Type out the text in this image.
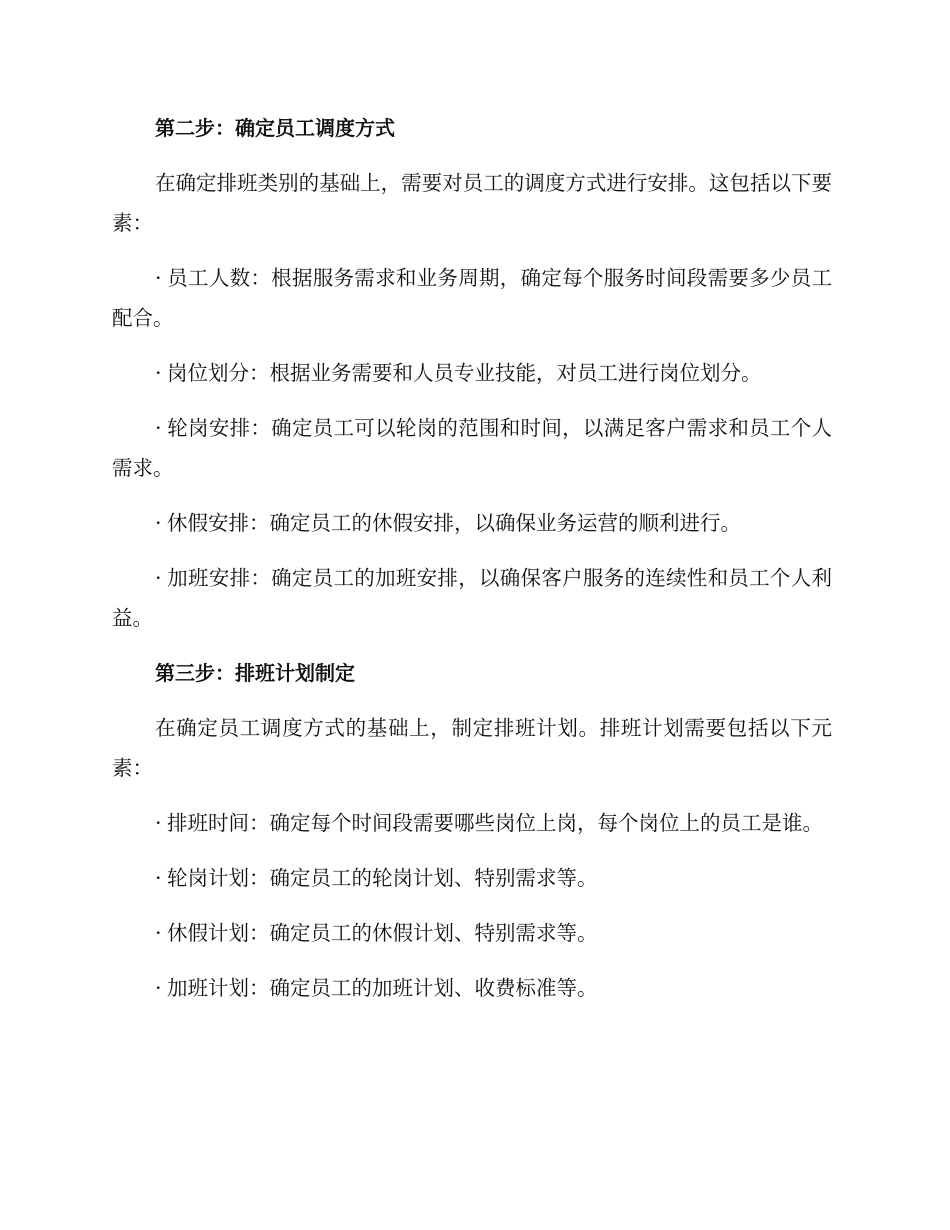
第二步：确定员工调度方式

在确定排班类别的基础上，需要对员工的调度方式进行安排。这包括以下要素：

· 员工人数：根据服务需求和业务周期，确定每个服务时间段需要多少员工配合。

· 岗位划分：根据业务需要和人员专业技能，对员工进行岗位划分。

· 轮岗安排：确定员工可以轮岗的范围和时间，以满足客户需求和员工个人需求。

· 休假安排：确定员工的休假安排，以确保业务运营的顺利进行。

· 加班安排：确定员工的加班安排，以确保客户服务的连续性和员工个人利益。

第三步：排班计划制定

在确定员工调度方式的基础上，制定排班计划。排班计划需要包括以下元素：

· 排班时间：确定每个时间段需要哪些岗位上岗，每个岗位上的员工是谁。

· 轮岗计划：确定员工的轮岗计划、特别需求等。

· 休假计划：确定员工的休假计划、特别需求等。

· 加班计划：确定员工的加班计划、收费标准等。
